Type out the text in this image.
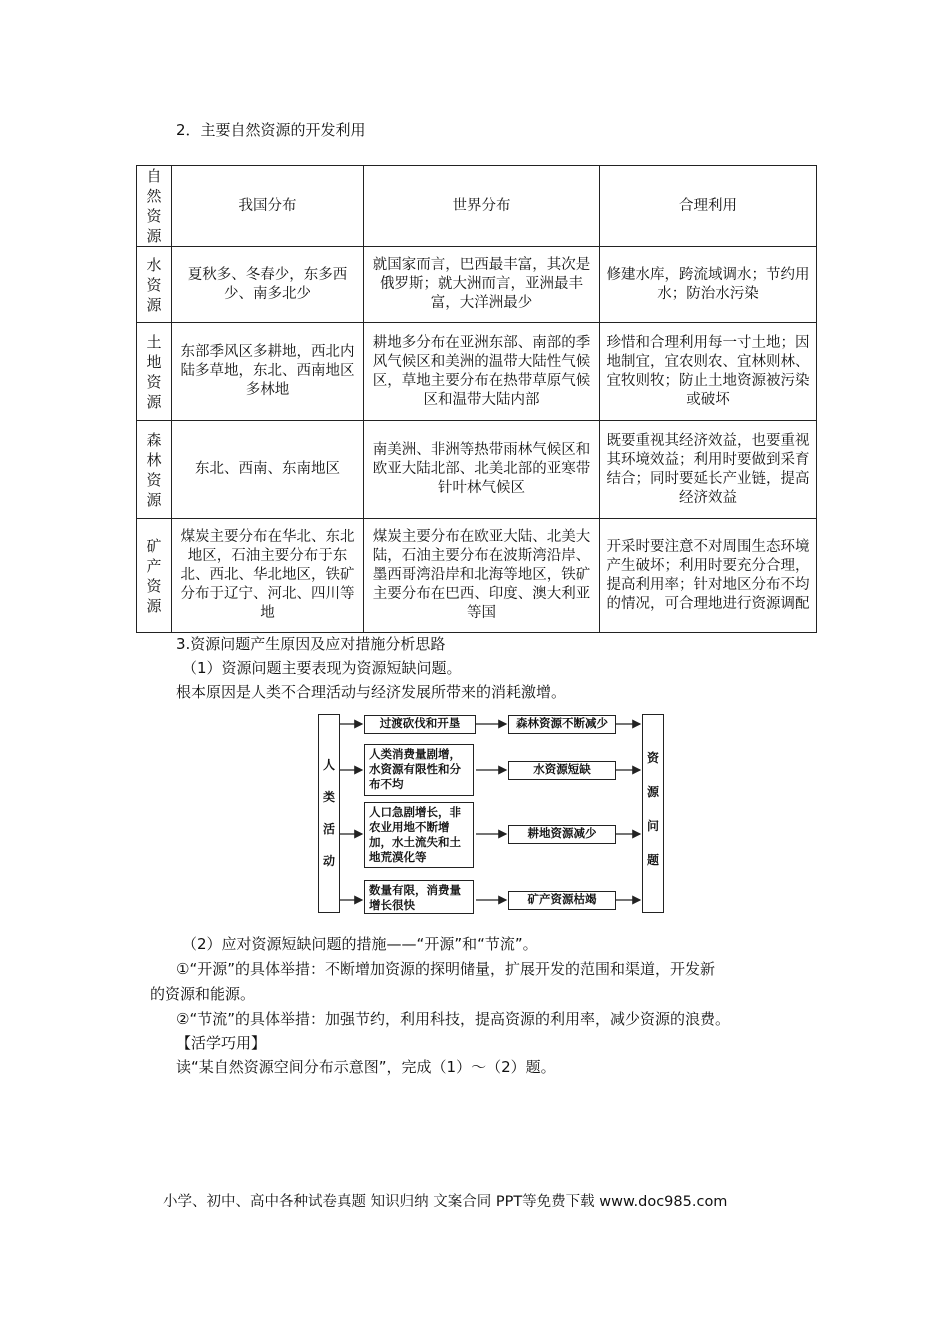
2．主要自然资源的开发利用
自然资源	我国分布	世界分布	合理利用
水资源	夏秋多、冬春少，东多西少、南多北少	就国家而言，巴西最丰富，其次是俄罗斯；就大洲而言，亚洲最丰富，大洋洲最少	修建水库，跨流域调水；节约用水；防治水污染
土地资源	东部季风区多耕地，西北内陆多草地，东北、西南地区多林地	耕地多分布在亚洲东部、南部的季风气候区和美洲的温带大陆性气候区，草地主要分布在热带草原气候区和温带大陆内部	珍惜和合理利用每一寸土地；因地制宜，宜农则农、宜林则林、宜牧则牧；防止土地资源被污染或破坏
森林资源	东北、西南、东南地区	南美洲、非洲等热带雨林气候区和欧亚大陆北部、北美北部的亚寒带针叶林气候区	既要重视其经济效益，也要重视其环境效益；利用时要做到采育结合；同时要延长产业链，提高经济效益
矿产资源	煤炭主要分布在华北、东北地区，石油主要分布于东北、西北、华北地区，铁矿分布于辽宁、河北、四川等地	煤炭主要分布在欧亚大陆、北美大陆，石油主要分布在波斯湾沿岸、墨西哥湾沿岸和北海等地区，铁矿主要分布在巴西、印度、澳大利亚等国	开采时要注意不对周围生态环境产生破坏；利用时要充分合理，提高利用率；针对地区分布不均的情况，可合理地进行资源调配
3.资源问题产生原因及应对措施分析思路
（1）资源问题主要表现为资源短缺问题。
根本原因是人类不合理活动与经济发展所带来的消耗激增。
人类活动
过渡砍伐和开垦
人类消费量剧增，水资源有限性和分布不均
人口急剧增长，非农业用地不断增加，水土流失和土地荒漠化等
数量有限，消费量增长很快
森林资源不断减少
水资源短缺
耕地资源减少
矿产资源枯竭
资源问题
（2）应对资源短缺问题的措施——“开源”和“节流”。
①“开源”的具体举措：不断增加资源的探明储量，扩展开发的范围和渠道，开发新
的资源和能源。
②“节流”的具体举措：加强节约，利用科技，提高资源的利用率，减少资源的浪费。
【活学巧用】
读“某自然资源空间分布示意图”，完成（1）～（2）题。
小学、初中、高中各种试卷真题 知识归纳 文案合同 PPT等免费下载 www.doc985.com
